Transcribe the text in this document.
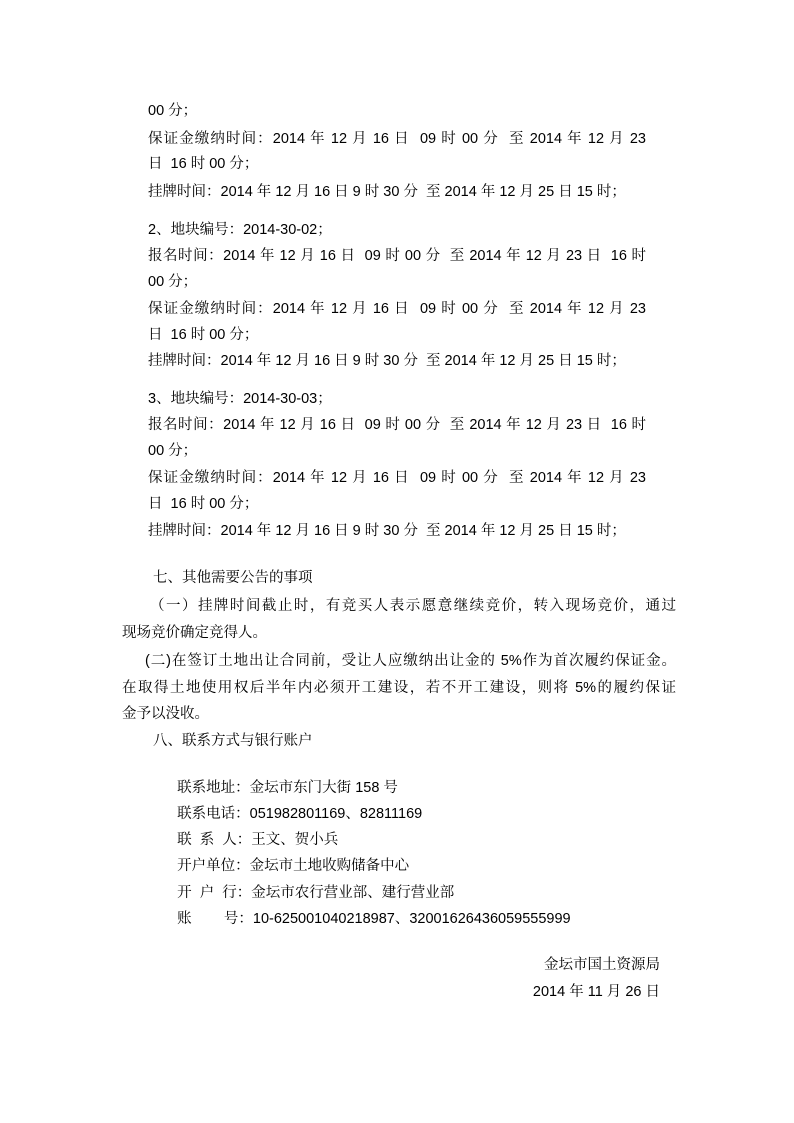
00 分；
保证金缴纳时间：2014 年 12 月 16 日  09 时 00 分  至 2014 年 12 月 23
日  16 时 00 分；
挂牌时间：2014 年 12 月 16 日 9 时 30 分  至 2014 年 12 月 25 日 15 时；
2、地块编号：2014-30-02；
报名时间：2014 年 12 月 16 日  09 时 00 分  至 2014 年 12 月 23 日  16 时
00 分；
保证金缴纳时间：2014 年 12 月 16 日  09 时 00 分  至 2014 年 12 月 23
日  16 时 00 分；
挂牌时间：2014 年 12 月 16 日 9 时 30 分  至 2014 年 12 月 25 日 15 时；
3、地块编号：2014-30-03；
报名时间：2014 年 12 月 16 日  09 时 00 分  至 2014 年 12 月 23 日  16 时
00 分；
保证金缴纳时间：2014 年 12 月 16 日  09 时 00 分  至 2014 年 12 月 23
日  16 时 00 分；
挂牌时间：2014 年 12 月 16 日 9 时 30 分  至 2014 年 12 月 25 日 15 时；
七、其他需要公告的事项
（一）挂牌时间截止时，有竞买人表示愿意继续竞价，转入现场竞价，通过
现场竞价确定竞得人。
(二)在签订土地出让合同前，受让人应缴纳出让金的 5%作为首次履约保证金。
在取得土地使用权后半年内必须开工建设，若不开工建设，则将 5%的履约保证
金予以没收。
八、联系方式与银行账户

联系地址：金坛市东门大街 158 号

联系电话：051982801169、82811169

联  系  人：王文、贺小兵

开户单位：金坛市土地收购储备中心

开  户  行：金坛市农行营业部、建行营业部

账        号：10-625001040218987、32001626436059555999

金坛市国土资源局
2014 年 11 月 26 日
